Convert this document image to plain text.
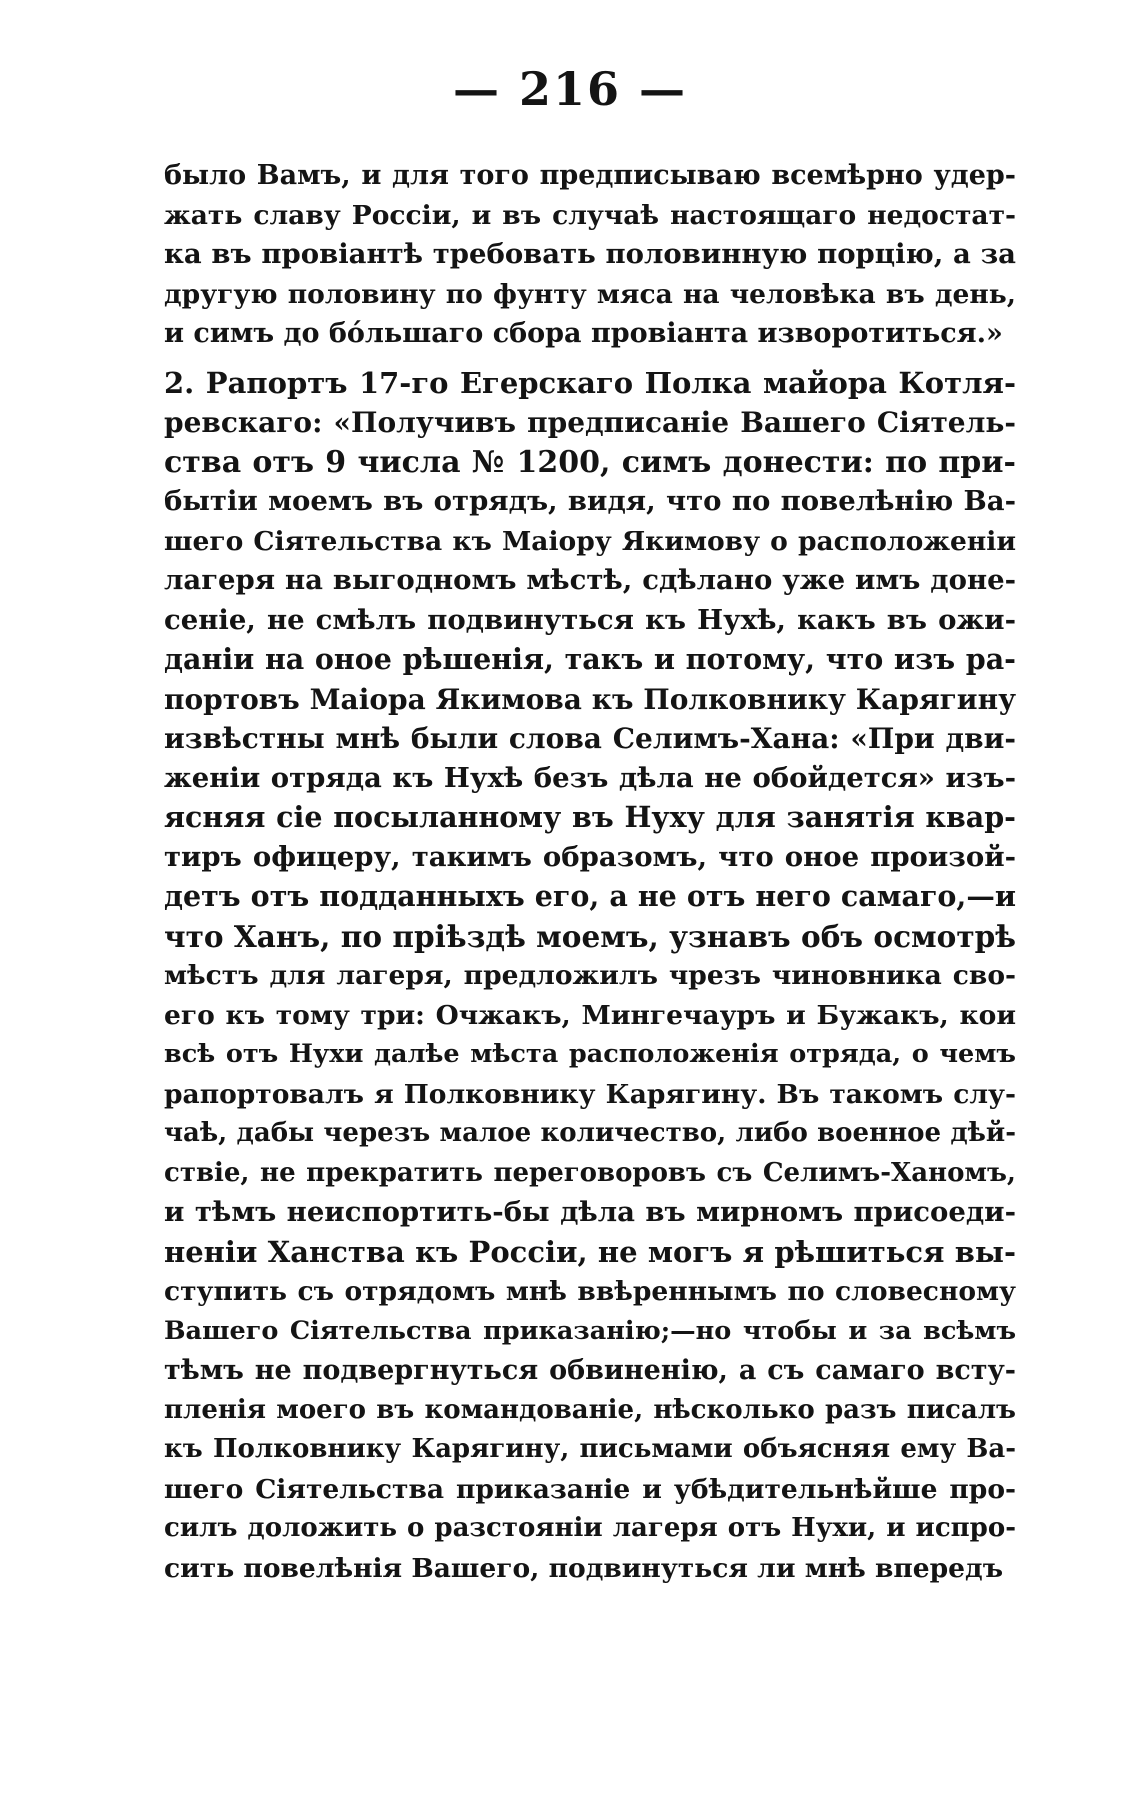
— 216 —
было Вамъ, и для того предписываю всемѣрно удер-
жать славу Россіи, и въ случаѣ настоящаго недостат-
ка въ провіантѣ требовать половинную порцію, а за
другую половину по фунту мяса на человѣка въ день,
и симъ до бóльшаго сбора провіанта изворотиться.»
2. Рапортъ 17-го Егерскаго Полка майора Котля-
ревскаго: «Получивъ предписаніе Вашего Сіятель-
ства отъ 9 числа № 1200, симъ донести: по при-
бытіи моемъ въ отрядъ, видя, что по повелѣнію Ва-
шего Сіятельства къ Маіору Якимову о расположеніи
лагеря на выгодномъ мѣстѣ, сдѣлано уже имъ доне-
сеніе, не смѣлъ подвинуться къ Нухѣ, какъ въ ожи-
даніи на оное рѣшенія, такъ и потому, что изъ ра-
портовъ Маіора Якимова къ Полковнику Карягину
извѣстны мнѣ были слова Селимъ-Хана: «При дви-
женіи отряда къ Нухѣ безъ дѣла не обойдется» изъ-
ясняя сіе посыланному въ Нуху для занятія квар-
тиръ офицеру, такимъ образомъ, что оное произой-
детъ отъ подданныхъ его, а не отъ него самаго,—и
что Ханъ, по пріѣздѣ моемъ, узнавъ объ осмотрѣ
мѣстъ для лагеря, предложилъ чрезъ чиновника сво-
его къ тому три: Очжакъ, Мингечауръ и Бужакъ, кои
всѣ отъ Нухи далѣе мѣста расположенія отряда, о чемъ
рапортовалъ я Полковнику Карягину. Въ такомъ слу-
чаѣ, дабы черезъ малое количество, либо военное дѣй-
ствіе, не прекратить переговоровъ съ Селимъ-Ханомъ,
и тѣмъ неиспортить-бы дѣла въ мирномъ присоеди-
неніи Ханства къ Россіи, не могъ я рѣшиться вы-
ступить съ отрядомъ мнѣ ввѣреннымъ по словесному
Вашего Сіятельства приказанію;—но чтобы и за всѣмъ
тѣмъ не подвергнуться обвиненію, а съ самаго всту-
пленія моего въ командованіе, нѣсколько разъ писалъ
къ Полковнику Карягину, письмами объясняя ему Ва-
шего Сіятельства приказаніе и убѣдительнѣйше про-
силъ доложить о разстояніи лагеря отъ Нухи, и испро-
сить повелѣнія Вашего, подвинуться ли мнѣ впередъ
